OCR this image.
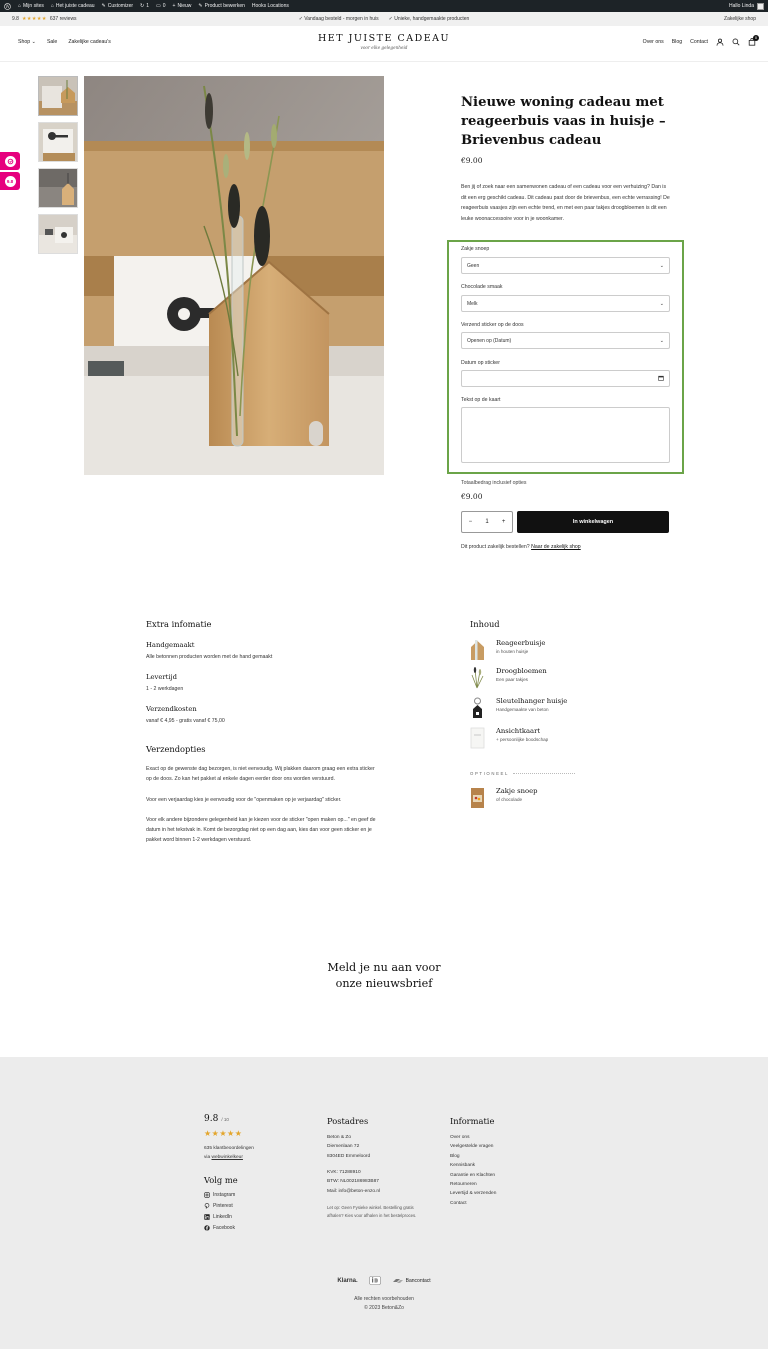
W ⌂ Mijn sites ⌂ Het juiste cadeau ✎ Customizer ↻ 1 ▭ 0 + Nieuw ✎ Product bewerken Hooks Locations	Hallo Linda
9.8 ★★★★★ 637 reviews	✓ Vandaag besteld - morgen in huis ✓ Unieke, handgemaakte producten	Zakelijke shop
Shop ⌄ Sale Zakelijke cadeau's	HET JUISTE CADEAU
voor elke gelegenheid
Over ons Blog Contact
0
9.8
Nieuwe woning cadeau met reageerbuis vaas in huisje – Brievenbus cadeau
€9.00

Ben jij of zoek naar een samenwonen cadeau of een cadeau voor een verhuizing? Dan is dit een erg geschikt cadeau. Dit cadeau past door de brievenbus, een echte verrassing! De reageerbuis vaasjes zijn een echte trend, en met een paar takjes droogbloemen is dit een leuke woonaccessoire voor in je woonkamer.

Zakje snoep
Geen	⌄
Chocolade smaak
Melk	⌄
Verzend sticker op de doos
Openen op (Datum)	⌄
Datum op sticker
Tekst op de kaart
Totaalbedrag inclusief opties
€9.00
− 1 +	In winkelwagen
Dit product zakelijk bestellen? Naar de zakelijk shop
Extra infomatie
Handgemaakt
Alle betonnen producten worden met de hand gemaakt
Levertijd
1 - 2 werkdagen
Verzendkosten
vanaf € 4,95 - gratis vanaf € 75,00
Verzendopties

Exact op de gewenste dag bezorgen, is niet eenvoudig. Wij plakken daarom graag een extra sticker op de doos. Zo kan het pakket al enkele dagen eerder door ons worden verstuurd.

Voor een verjaardag kies je eenvoudig voor de "openmaken op je verjaardag" sticker.

Voor elk andere bijzondere gelegenheid kan je kiezen voor de sticker "open maken op..." en geef de datum in het tekstvak in. Komt de bezorgdag niet op een dag aan, kies dan voor geen sticker en je pakket word binnen 1-2 werkdagen verstuurd.

Inhoud
Reageerbuisje
in houten huisje
Droogbloemen
Een paar takjes
Sleutelhanger huisje
Handgemaakte van beton
Ansichtkaart
+ persoonlijke boodschap
OPTIONEEL
Zakje snoep
of chocolade
Meld je nu aan voor
onze nieuwsbrief
9.8 / 10
★★★★★
635 klantbeoordelingen
via webwinkelkeur
Volg me
Instagram
Pinterest
LinkedIn
Facebook
Postadres
Beton & Zo
Diemenlaan 72
8304ED Emmeloord
KVK: 71288910
BTW: NL002186983B87
Mail: info@beton-enzo.nl
Let op: Geen Fysieke winkel. Bestelling gratis afhalen? Kies voor afhalen in het bestelproces.
Informatie
Over ons
Veelgestelde vragen
Blog
Kennisbank
Garantie en Klachten
Retourneren
Levertijd & verzenden
Contact
Klarna.	Bancontact
Alle rechten voorbehouden
© 2023 Beton&Zo
